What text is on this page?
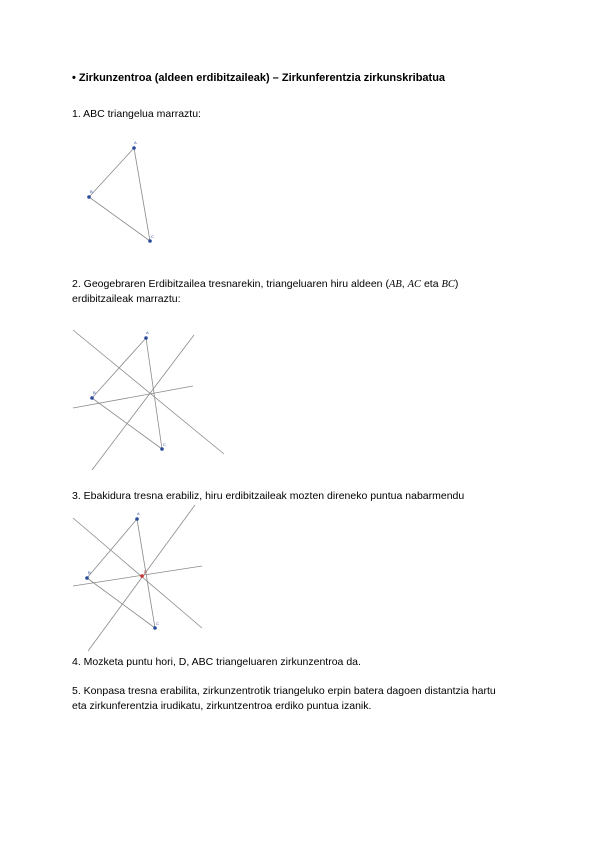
• Zirkunzentroa (aldeen erdibitzaileak) – Zirkunferentzia zirkunskribatua
1. ABC triangelua marraztu:
A
B
C
2. Geogebraren Erdibitzailea tresnarekin, triangeluaren hiru aldeen (AB, AC eta BC)
erdibitzaileak marraztu:
A
B
C
3. Ebakidura tresna erabiliz, hiru erdibitzaileak mozten direneko puntua nabarmendu
A
B
C
D
4. Mozketa puntu hori, D, ABC triangeluaren zirkunzentroa da.
5. Konpasa tresna erabilita, zirkunzentrotik triangeluko erpin batera dagoen distantzia hartu
eta zirkunferentzia irudikatu, zirkuntzentroa erdiko puntua izanik.
